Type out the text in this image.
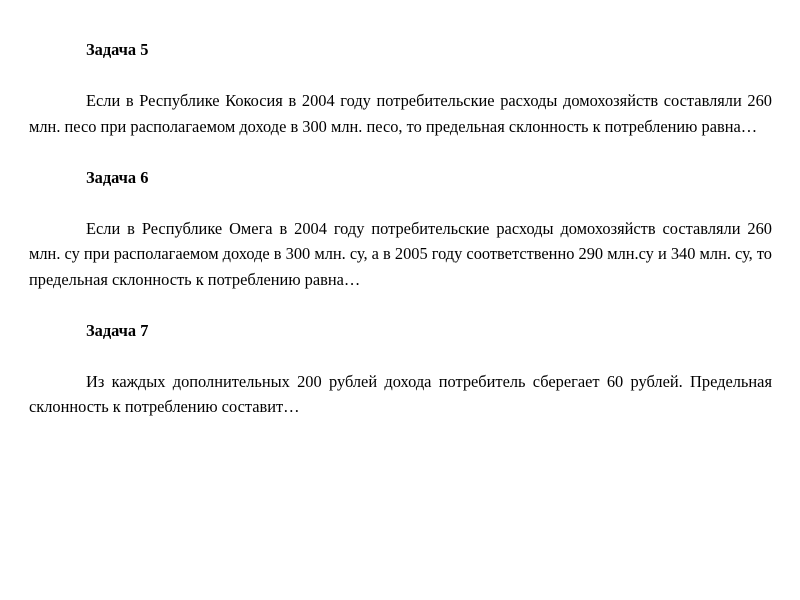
Задача 5

Если в Республике Кокосия в 2004 году потребительские расходы домохозяйств составляли 260 млн. песо при располагаемом доходе в 300 млн. песо, то предельная склонность к потреблению равна…

Задача 6

Если в Республике Омега в 2004 году потребительские расходы домохозяйств составляли 260 млн. су при располагаемом доходе в 300 млн. су, а в 2005 году соответственно 290 млн.су и 340 млн. су, то предельная склонность к потреблению равна…

Задача 7

Из каждых дополнительных 200 рублей дохода потребитель сберегает 60 рублей. Предельная склонность к потреблению составит…
